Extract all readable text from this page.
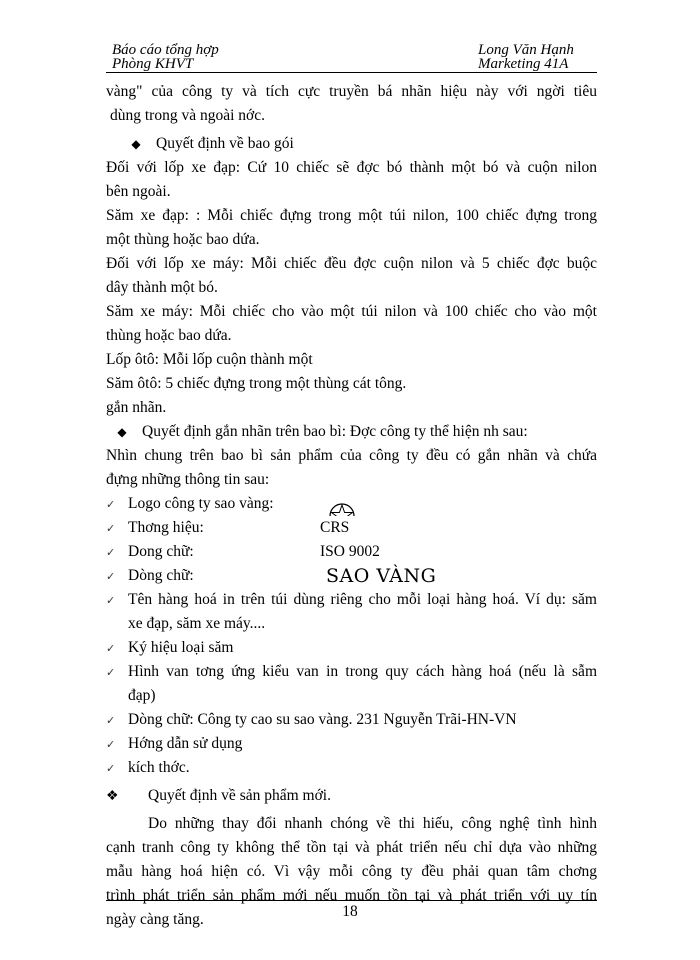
Báo cáo tổng hợp
Phòng KHVT
Long Văn Hạnh
Marketing 41A
vàng" của công ty và tích cực truyền bá nhãn hiệu này với ngời tiêu
dùng trong và ngoài nớc.
◆ Quyết định về bao gói
Đối với lốp xe đạp: Cứ 10 chiếc sẽ đợc bó thành một bó và cuộn nilon
bên ngoài.
Săm xe đạp: : Mỗi chiếc đựng trong một túi nilon, 100 chiếc đựng trong
một thùng hoặc bao dứa.
Đối với lốp xe máy: Mỗi chiếc đều đợc cuộn nilon và 5 chiếc đợc buộc
dây thành một bó.
Săm xe máy: Mỗi chiếc cho vào một túi nilon và 100 chiếc cho vào một
thùng hoặc bao dứa.
Lốp ôtô: Mỗi lốp cuộn thành một
Săm ôtô: 5 chiếc đựng trong một thùng cát tông.
gắn nhãn.
◆ Quyết định gắn nhãn trên bao bì: Đợc công ty thể hiện nh sau:
Nhìn chung trên bao bì sản phẩm của công ty đều có gắn nhãn và chứa
đựng những thông tin sau:
✓ Logo công ty sao vàng:
✓ Thơng hiệu:	CRS
✓ Dong chữ:	ISO 9002
✓ Dòng chữ:	SAO VÀNG
✓ Tên hàng hoá in trên túi dùng riêng cho mỗi loại hàng hoá. Ví dụ: săm
xe đạp, săm xe máy....
✓ Ký hiệu loại săm
✓ Hình van tơng ứng kiểu van in trong quy cách hàng hoá (nếu là sẫm
đạp)
✓ Dòng chữ: Công ty cao su sao vàng. 231 Nguyễn Trãi-HN-VN
✓ Hớng dẫn sử dụng
✓ kích thớc.
❖ Quyết định về sản phẩm mới.
Do những thay đổi nhanh chóng về thi hiếu, công nghệ tình hình
cạnh tranh công ty không thể tồn tại và phát triển nếu chỉ dựa vào những
mẫu hàng hoá hiện có. Vì vậy mỗi công ty đều phải quan tâm chơng
trình phát triển sản phẩm mới nếu muốn tồn tại và phát triển với uy tín
ngày càng tăng.	18
